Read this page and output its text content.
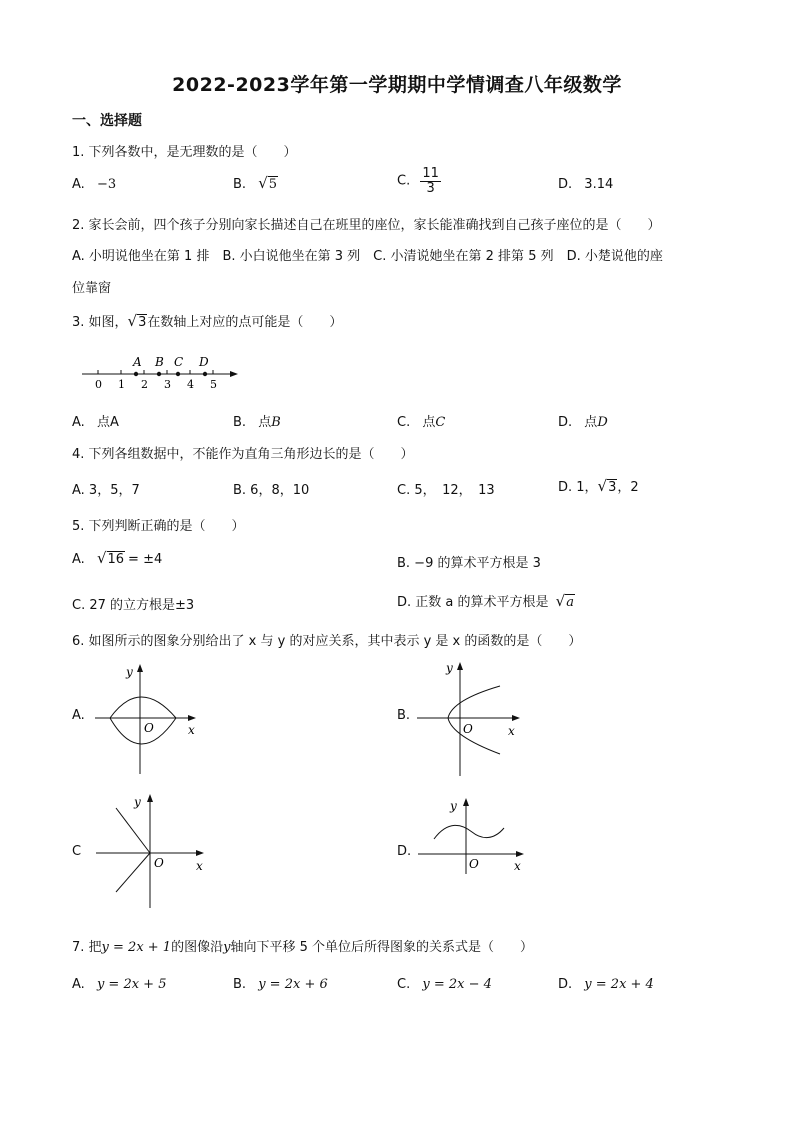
2022-2023学年第一学期期中学情调查八年级数学
一、选择题
1. 下列各数中，是无理数的是（　　）
A. −3	B. √5	C. $\frac{11}{3}$	D. 3.14
2. 家长会前，四个孩子分别向家长描述自己在班里的座位，家长能准确找到自己孩子座位的是（　　）
A. 小明说他坐在第 1 排　B. 小白说他坐在第 3 列　C. 小清说她坐在第 2 排第 5 列　D. 小楚说他的座
位靠窗
3. 如图，√3在数轴上对应的点可能是（　　）
0 1 2 3 4 5
A B C D
A. 点A	B. 点B	C. 点C	D. 点D
4. 下列各组数据中，不能作为直角三角形边长的是（　　）
A. 3，5，7	B. 6，8，10	C. 5，　12，　13	D. 1，√3，2
5. 下列判断正确的是（　　）
A. √16 = ±4	B. −9 的算术平方根是 3
C. 27 的立方根是±3	D. 正数 a 的算术平方根是 √a
6. 如图所示的图象分别给出了 x 与 y 的对应关系，其中表示 y 是 x 的函数的是（　　）
A.
O	x
y
B.
O	x
y
C
O	x
y
D.
O	x
y
7. 把y = 2x + 1的图像沿y轴向下平移 5 个单位后所得图象的关系式是（　　）
A. y = 2x + 5	B. y = 2x + 6	C. y = 2x − 4	D. y = 2x + 4
